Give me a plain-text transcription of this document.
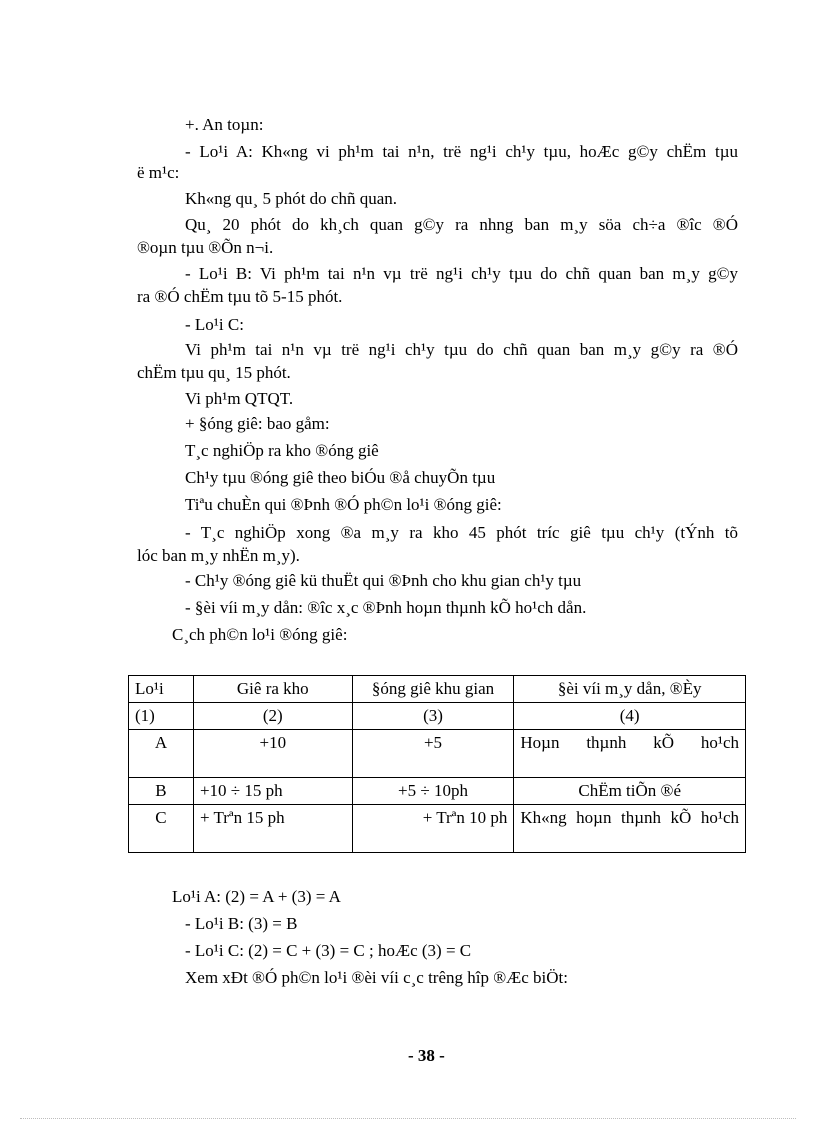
+. An toµn:
- Lo¹i A: Kh«ng vi ph¹m tai n¹n, trë ng¹i ch¹y tµu, hoÆc g©y chËm tµu
ë m¹c:
Kh«ng qu¸ 5 phót do chñ quan.
Qu¸ 20 phót do kh¸ch quan g©y ra nhng ban m¸y söa ch÷a ®îc ®Ó
®oµn tµu ®Õn n¬i.
- Lo¹i B: Vi ph¹m tai n¹n vµ trë ng¹i ch¹y tµu do chñ quan ban m¸y g©y
ra ®Ó chËm tµu tõ 5-15 phót.
- Lo¹i C:
Vi ph¹m tai n¹n vµ trë ng¹i ch¹y tµu do chñ quan ban m¸y g©y ra ®Ó
chËm tµu qu¸ 15 phót.
Vi ph¹m QTQT.
+ §óng giê: bao gåm:
T¸c nghiÖp ra kho ®óng giê
Ch¹y tµu ®óng giê theo biÓu ®å chuyÕn tµu
Tiªu chuÈn qui ®Þnh ®Ó ph©n lo¹i ®óng giê:
- T¸c nghiÖp xong ®a m¸y ra kho 45 phót tríc giê tµu ch¹y (tÝnh tõ
lóc ban m¸y nhËn m¸y).
- Ch¹y ®óng giê kü thuËt qui ®Þnh cho khu gian ch¹y tµu
- §èi víi m¸y dån: ®îc x¸c ®Þnh hoµn thµnh kÕ ho¹ch dån.
C¸ch ph©n lo¹i ®óng giê:
Lo¹i	Giê ra kho	§óng giê khu gian	§èi víi m¸y dån, ®Èy
(1)	(2)	(3)	(4)
A	+10	+5	Hoµn thµnh kÕ ho¹ch
B	+10 ÷ 15 ph	+5 ÷ 10ph	ChËm tiÕn ®é
C	+ Trªn 15 ph	+ Trªn 10 ph	Kh«ng hoµn thµnh kÕ ho¹ch
Lo¹i A: (2) = A + (3) = A
- Lo¹i B: (3) = B
- Lo¹i C: (2) = C + (3) = C ; hoÆc (3) = C
Xem xÐt ®Ó ph©n lo¹i ®èi víi c¸c trêng hîp ®Æc biÖt:
- 38 -
